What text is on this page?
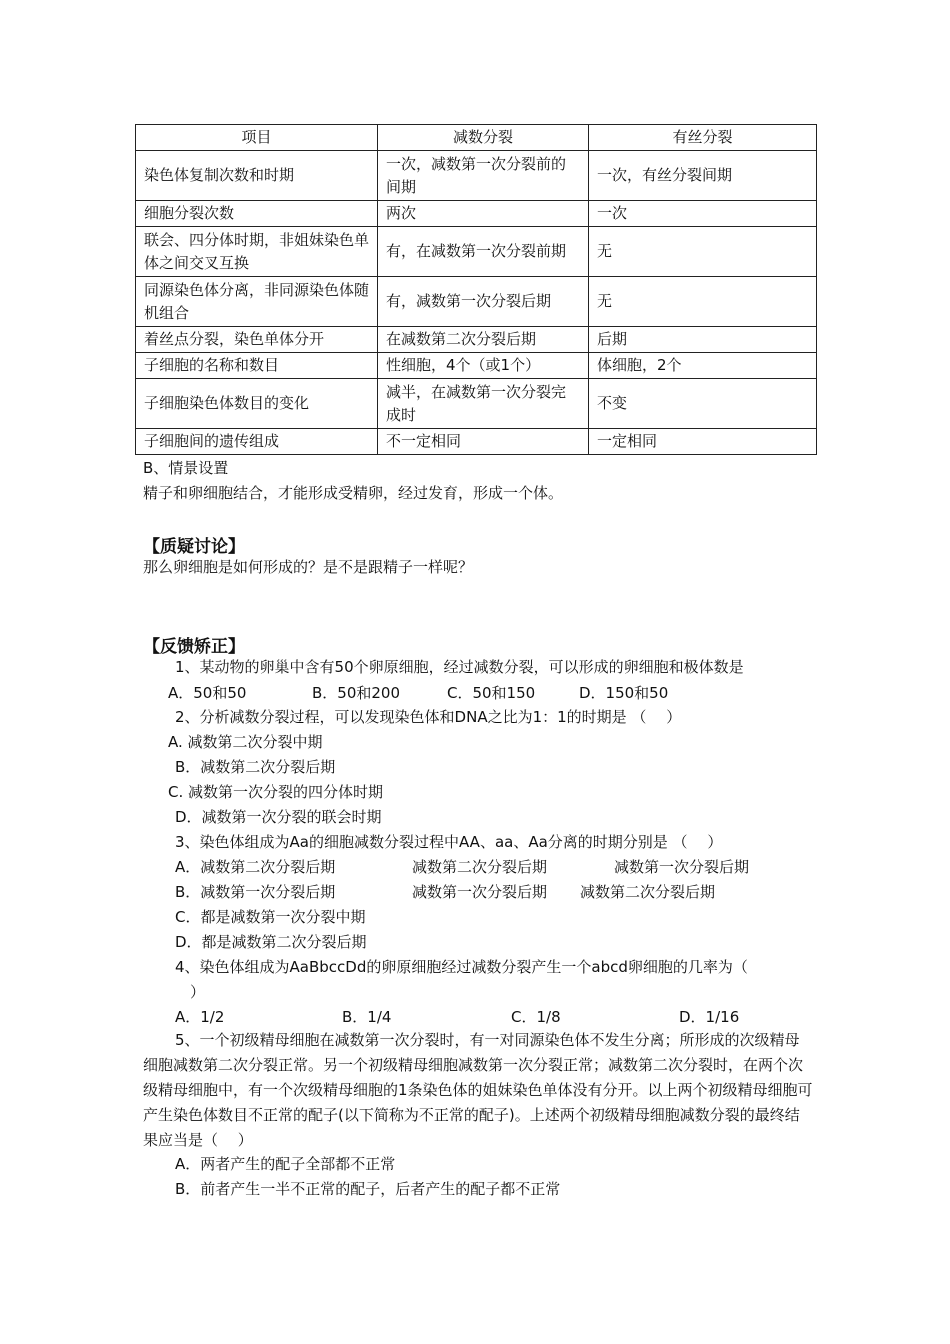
项目	减数分裂	有丝分裂
染色体复制次数和时期	一次，减数第一次分裂前的间期	一次，有丝分裂间期
细胞分裂次数	两次	一次
联会、四分体时期，非姐妹染色单体之间交叉互换	有，在减数第一次分裂前期	无
同源染色体分离，非同源染色体随机组合	有，减数第一次分裂后期	无
着丝点分裂，染色单体分开	在减数第二次分裂后期	后期
子细胞的名称和数目	性细胞，4个（或1个）	体细胞，2个
子细胞染色体数目的变化	减半，在减数第一次分裂完成时	不变
子细胞间的遗传组成	不一定相同	一定相同
B、情景设置
精子和卵细胞结合，才能形成受精卵，经过发育，形成一个体。
【质疑讨论】
那么卵细胞是如何形成的？是不是跟精子一样呢？
【反馈矫正】
1、某动物的卵巢中含有50个卵原细胞，经过减数分裂，可以形成的卵细胞和极体数是
A．50和50	B．50和200	C．50和150	D．150和50
2、分析减数分裂过程，可以发现染色体和DNA之比为1：1的时期是 （　 ）
A. 减数第二次分裂中期
B．减数第二次分裂后期
C. 减数第一次分裂的四分体时期
D．减数第一次分裂的联会时期
3、染色体组成为Aa的细胞减数分裂过程中AA、aa、Aa分离的时期分别是 （　 ）
A．减数第二次分裂后期	减数第二次分裂后期	减数第一次分裂后期
B．减数第一次分裂后期	减数第一次分裂后期 减数第二次分裂后期
C．都是减数第一次分裂中期
D．都是减数第二次分裂后期
4、染色体组成为AaBbccDd的卵原细胞经过减数分裂产生一个abcd卵细胞的几率为（
）
A．1/2	B．1/4	C．1/8	D．1/16
5、一个初级精母细胞在减数第一次分裂时，有一对同源染色体不发生分离；所形成的次级精母细胞减数第二次分裂正常。另一个初级精母细胞减数第一次分裂正常；减数第二次分裂时，在两个次级精母细胞中，有一个次级精母细胞的1条染色体的姐妹染色单体没有分开。以上两个初级精母细胞可产生染色体数目不正常的配子(以下简称为不正常的配子)。上述两个初级精母细胞减数分裂的最终结果应当是（　 ）
A．两者产生的配子全部都不正常
B．前者产生一半不正常的配子，后者产生的配子都不正常
